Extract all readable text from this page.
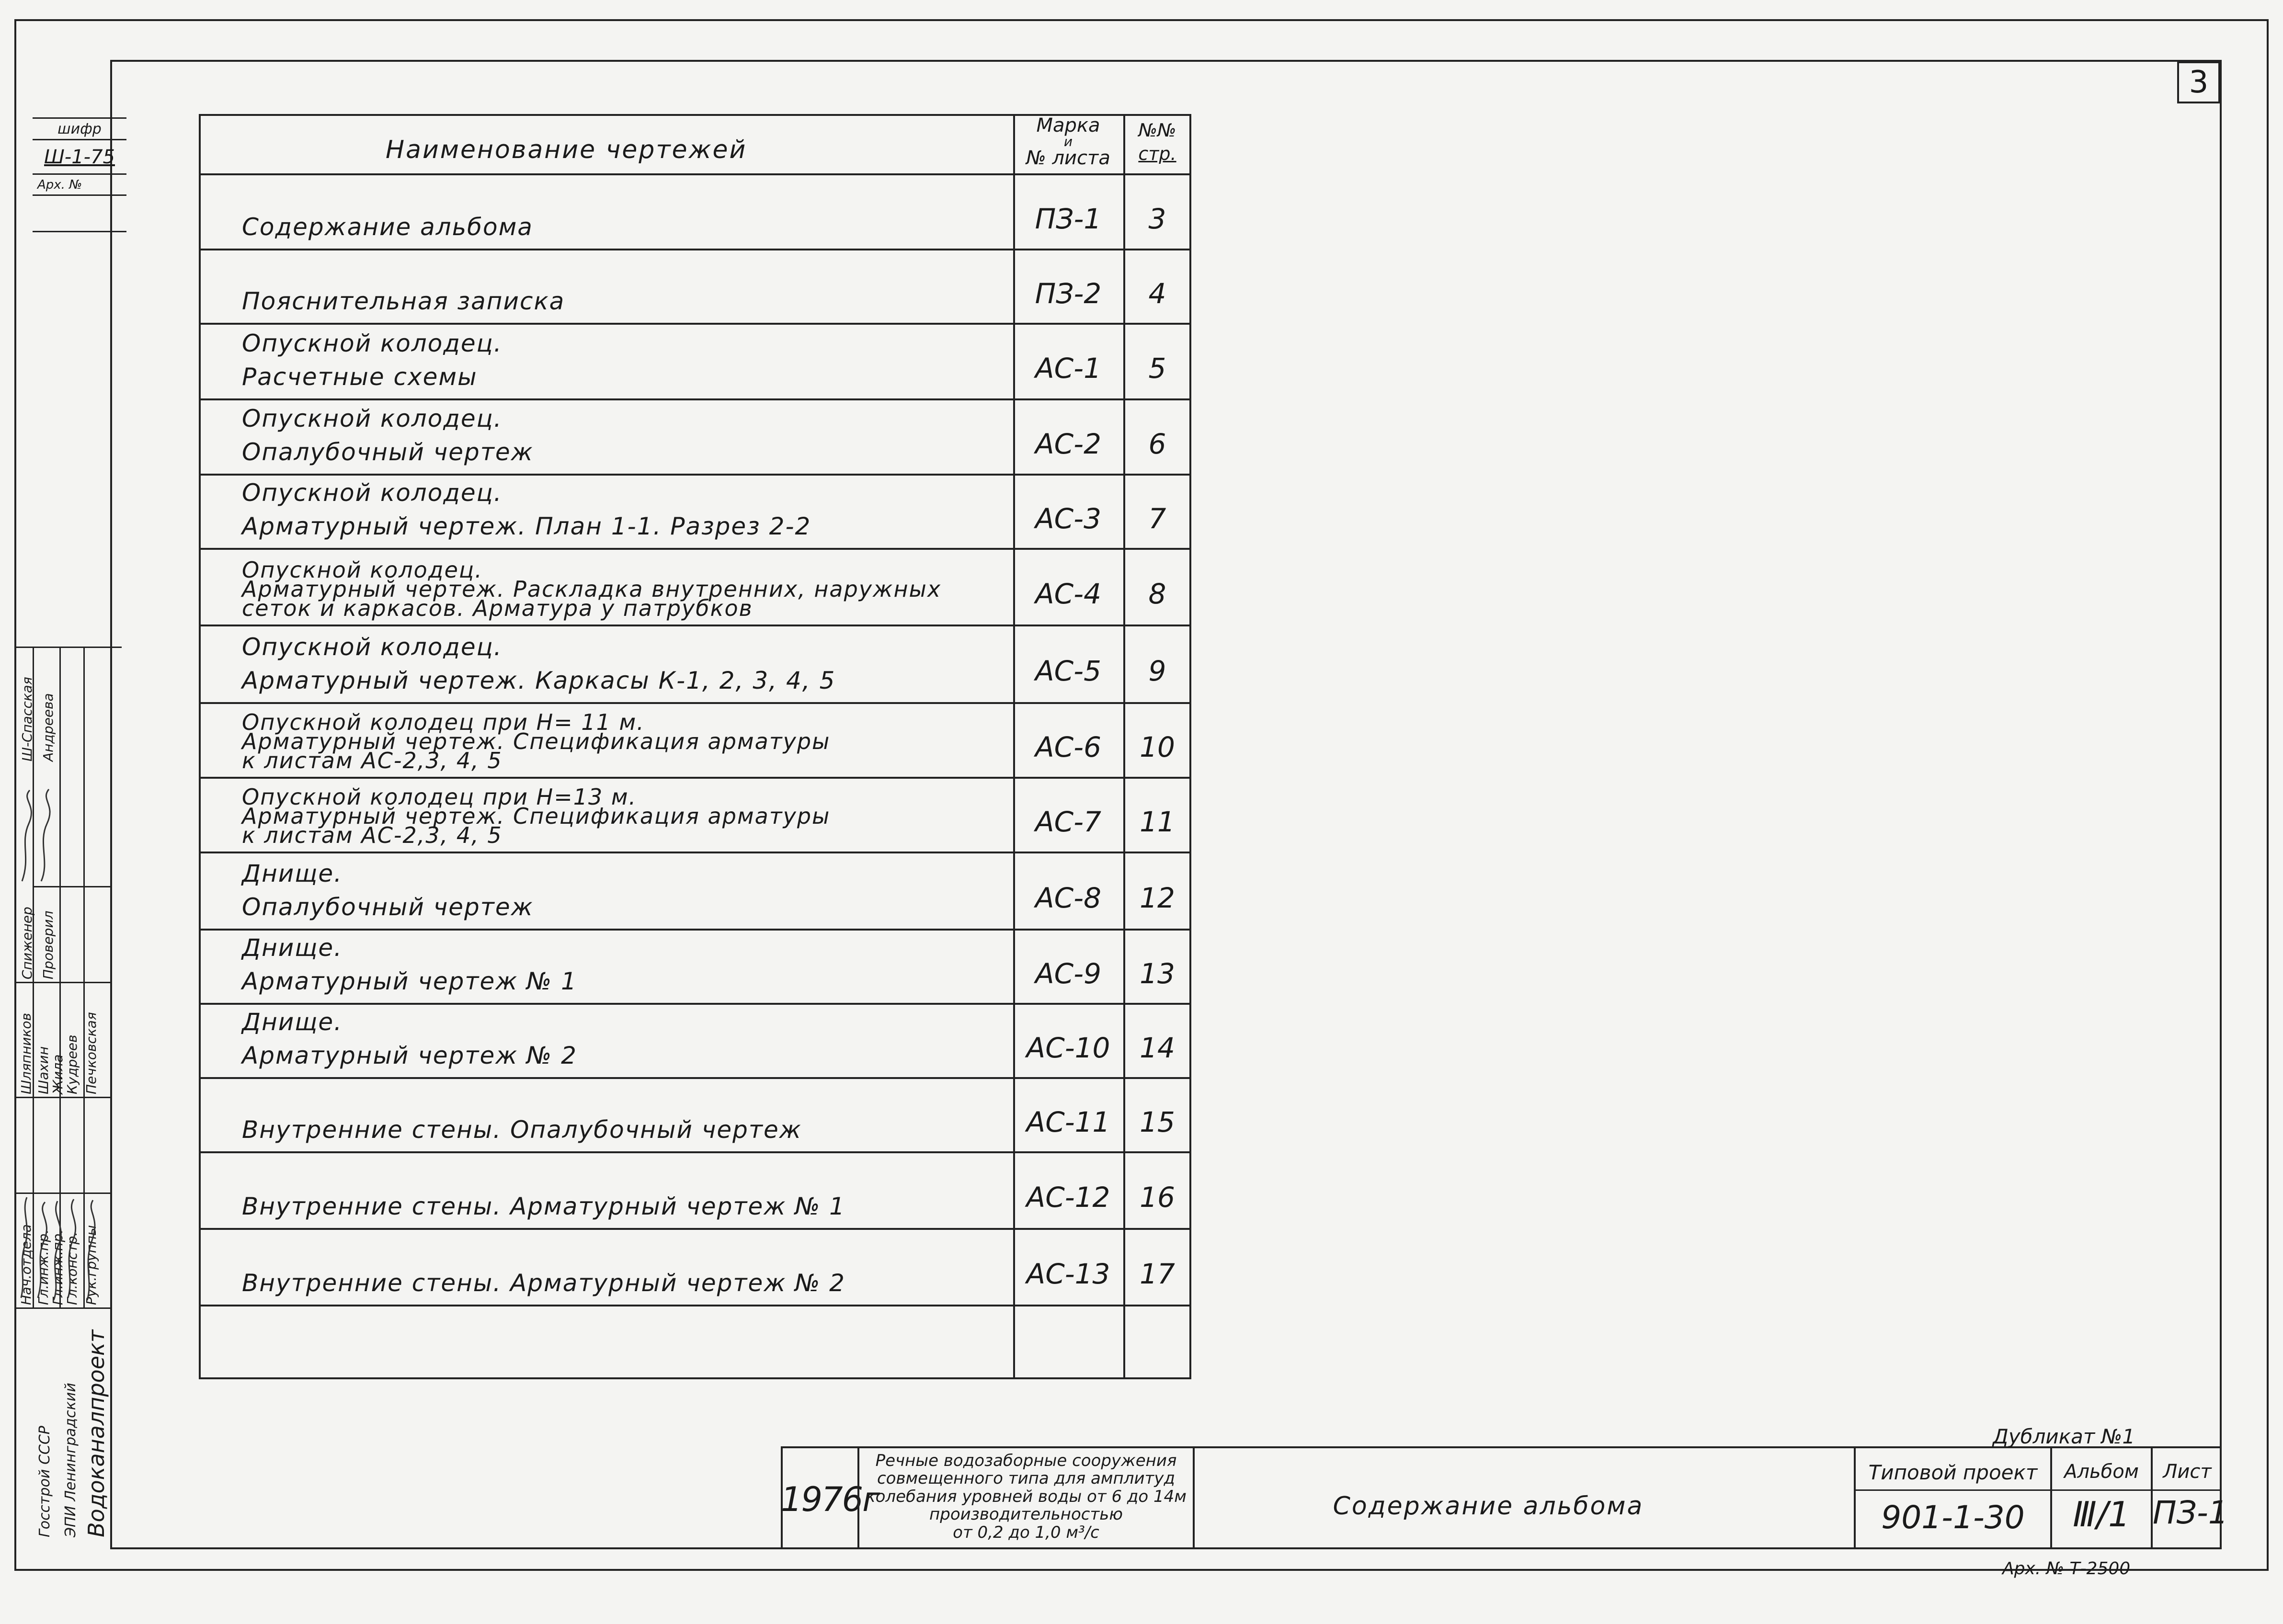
3
шифр
Ш-1-75
Арх. №
Нач.отдела Гл.инж.пр.
Гл.инж.пр.
Гл.констр. Рук.группы
Шляпников Шахин
Жила
Кудреев Печковская
Спиженер Проверил
Ш-Спасская Андреева
Госстрой СССР ЭПИ Ленинградский Водоканалпроект
Наименование чертежей
Марка
и
№ листа
№№
стр.
Содержание альбома	ПЗ-1	3
Пояснительная записка	ПЗ-2	4
Опускной колодец.
Расчетные схемы	АС-1	5
Опускной колодец.
Опалубочный чертеж	АС-2	6
Опускной колодец.
Арматурный чертеж. План 1-1. Разрез 2-2	АС-3	7
Опускной колодец.
Арматурный чертеж. Раскладка внутренних, наружных
сеток и каркасов. Арматура у патрубков	АС-4	8
Опускной колодец.
Арматурный чертеж. Каркасы К-1, 2, 3, 4, 5	АС-5	9
Опускной колодец при Н= 11 м.
Арматурный чертеж. Спецификация арматуры
к листам АС-2,3, 4, 5	АС-6	10
Опускной колодец при Н=13 м.
Арматурный чертеж. Спецификация арматуры
к листам АС-2,3, 4, 5	АС-7	11
Днище.
Опалубочный чертеж	АС-8	12
Днище.
Арматурный чертеж № 1	АС-9	13
Днище.
Арматурный чертеж № 2	АС-10	14
Внутренние стены. Опалубочный чертеж	АС-11	15
Внутренние стены. Арматурный чертеж № 1	АС-12	16
Внутренние стены. Арматурный чертеж № 2	АС-13	17
1976г
Речные водозаборные сооружения
совмещенного типа для амплитуд
колебания уровней воды от 6 до 14м
производительностью
от 0,2 до 1,0 м³/с
Содержание альбома
Типовой проект
901-1-30
Альбом
Ⅲ/1
Лист
ПЗ-1
Дубликат №1
Арх. № Т-2500
